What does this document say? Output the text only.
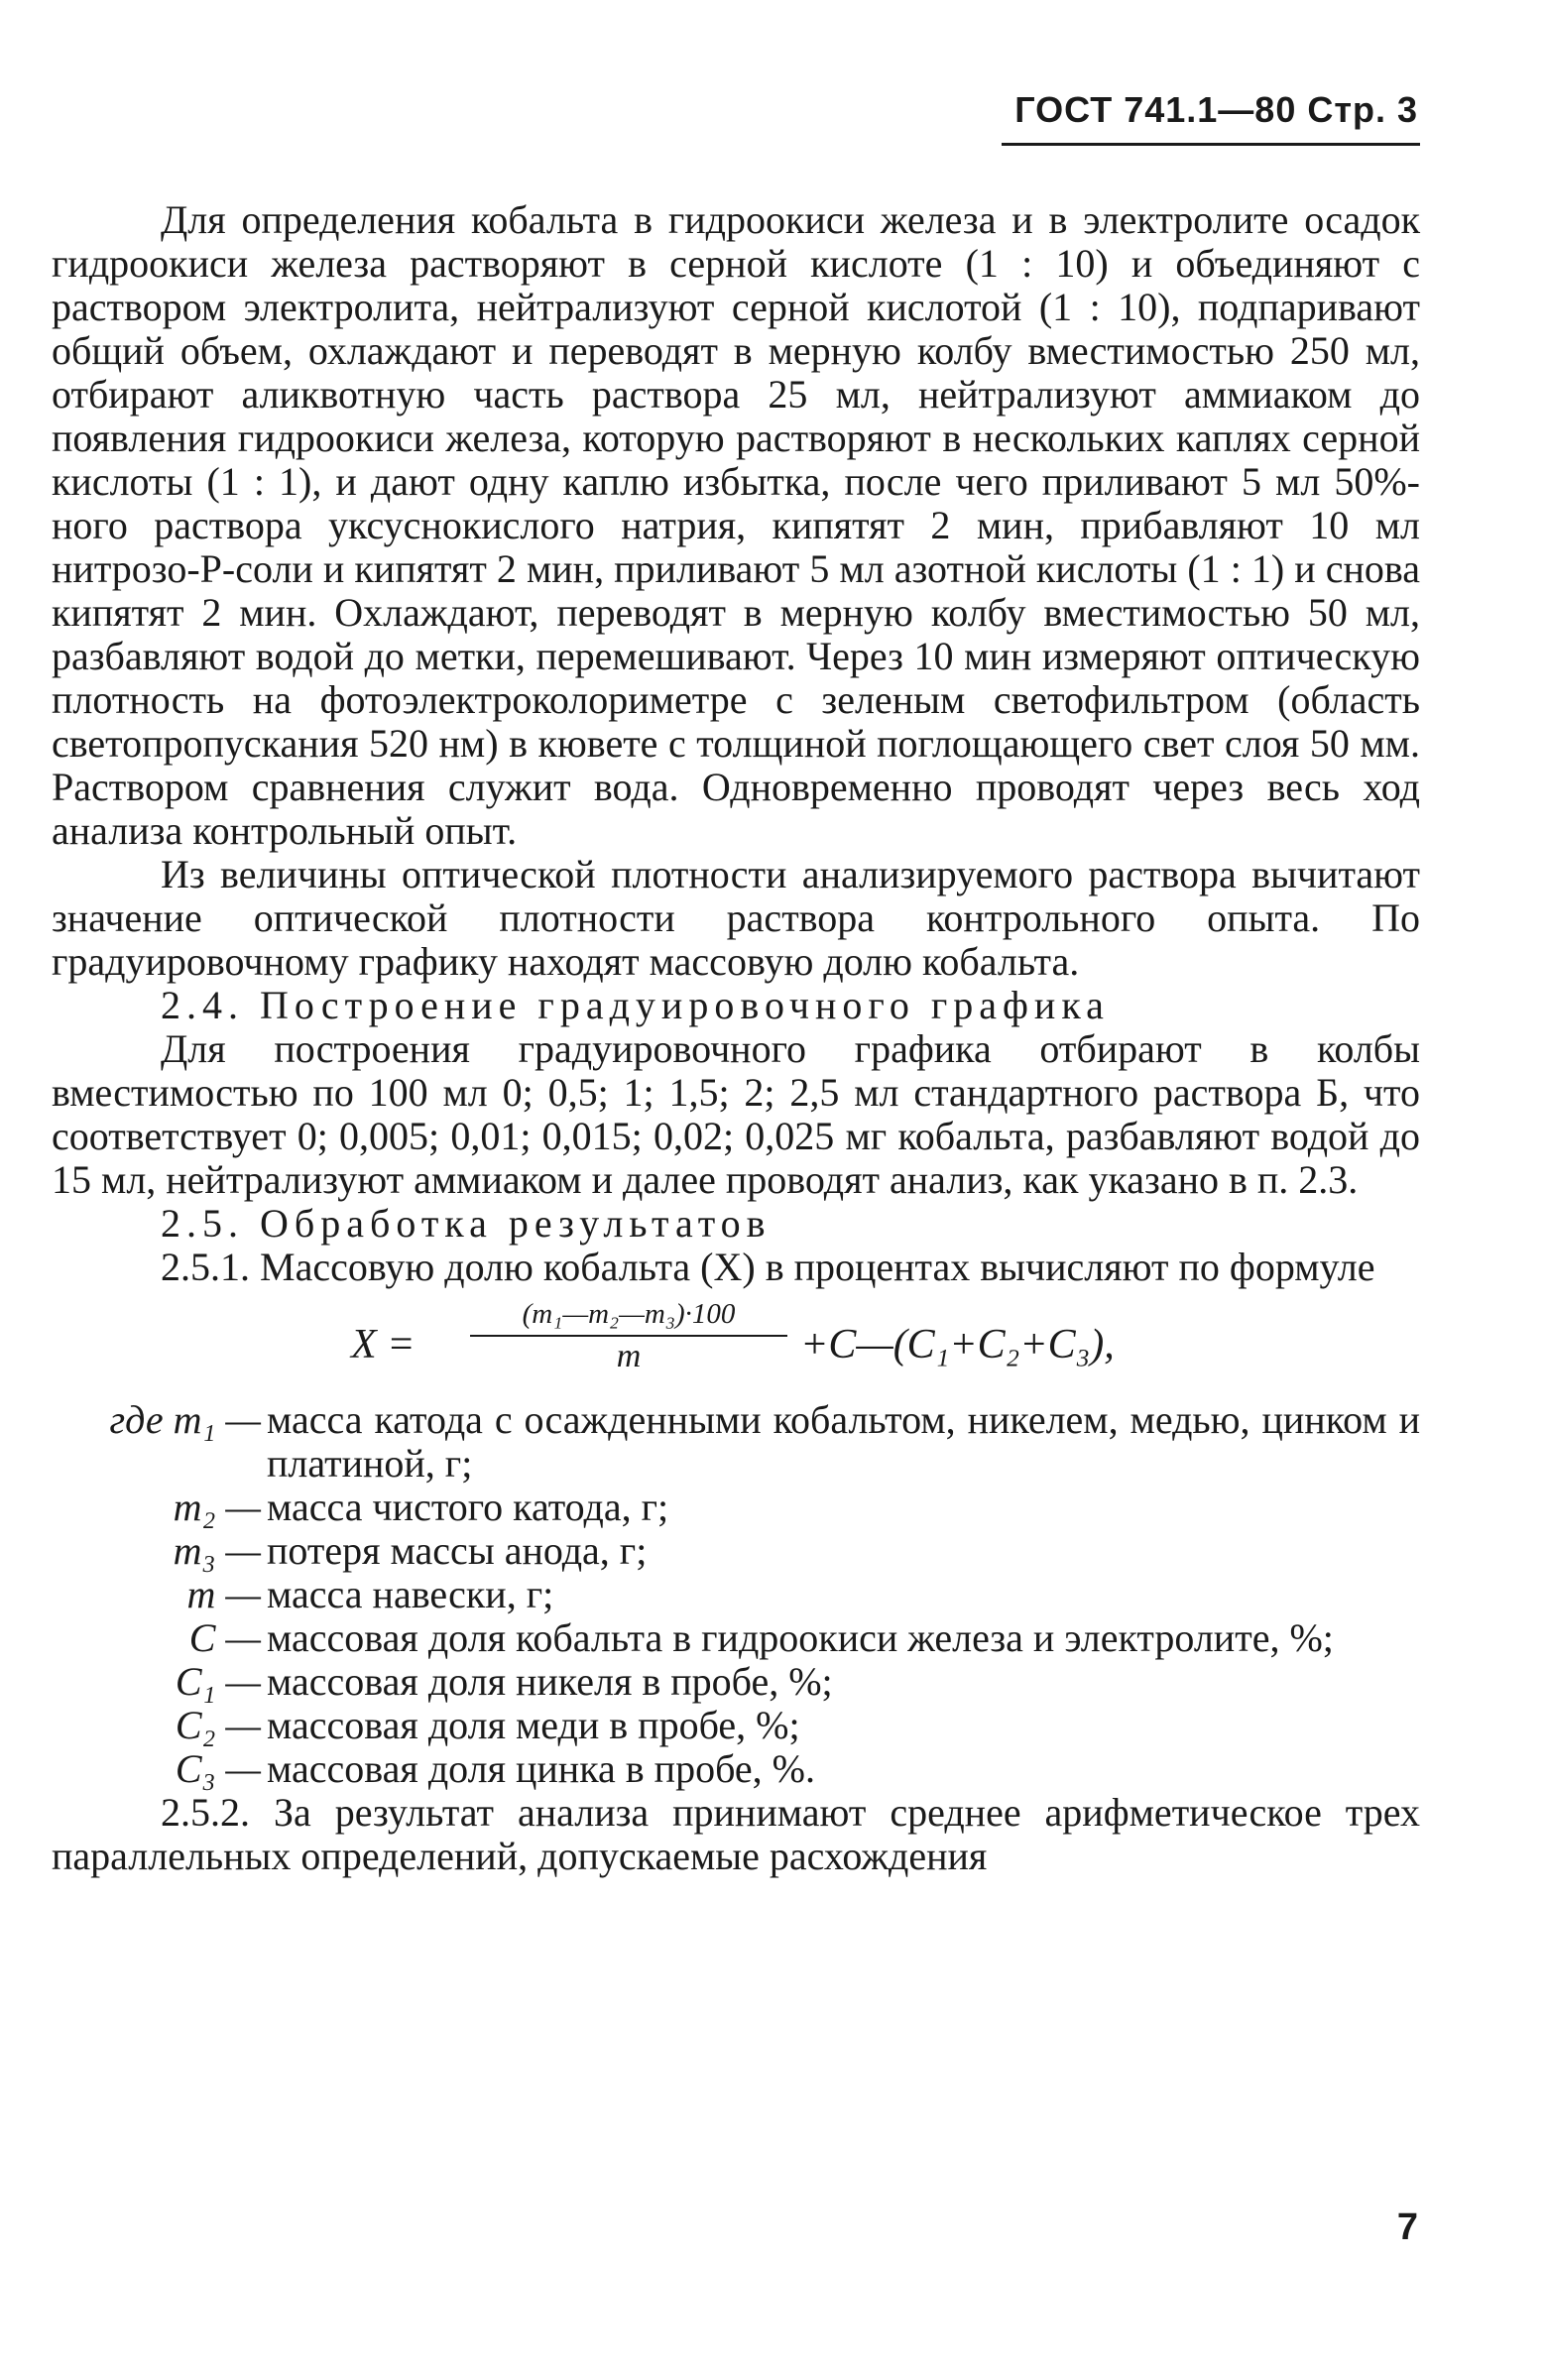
ГОСТ 741.1—80 Стр. 3

Для определения кобальта в гидроокиси железа и в электролите осадок гидроокиси железа растворяют в серной кислоте (1 : 10) и объединяют с раствором электролита, нейтрализуют серной кислотой (1 : 10), подпаривают общий объем, охлаждают и переводят в мерную колбу вместимостью 250 мл, отбирают аликвотную часть раствора 25 мл, нейтрализуют аммиаком до появления гидроокиси железа, которую растворяют в нескольких каплях серной кислоты (1 : 1), и дают одну каплю избытка, после чего приливают 5 мл 50%-ного раствора уксуснокислого натрия, кипятят 2 мин, прибавляют 10 мл нитрозо-Р-соли и кипятят 2 мин, приливают 5 мл азотной кислоты (1 : 1) и снова кипятят 2 мин. Охлаждают, переводят в мерную колбу вместимостью 50 мл, разбавляют водой до метки, перемешивают. Через 10 мин измеряют оптическую плотность на фотоэлектроколориметре с зеленым светофильтром (область светопропускания 520 нм) в кювете с толщиной поглощающего свет слоя 50 мм. Раствором сравнения служит вода. Одновременно проводят через весь ход анализа контрольный опыт.

Из величины оптической плотности анализируемого раствора вычитают значение оптической плотности раствора контрольного опыта. По градуировочному графику находят массовую долю кобальта.

2.4. Построение градуировочного графика

Для построения градуировочного графика отбирают в колбы вместимостью по 100 мл 0; 0,5; 1; 1,5; 2; 2,5 мл стандартного раствора Б, что соответствует 0; 0,005; 0,01; 0,015; 0,02; 0,025 мг кобальта, разбавляют водой до 15 мл, нейтрализуют аммиаком и далее проводят анализ, как указано в п. 2.3.

2.5. Обработка результатов

2.5.1. Массовую долю кобальта (X) в процентах вычисляют по формуле

$X = \frac{\text{(m₁—m₂—m₃)·100}}{m}$ +C—(C₁+C₂+C₃),
где m₁ — масса катода с осажденными кобальтом, никелем, медью, цинком и платиной, г;
m₂ — масса чистого катода, г;
m₃ — потеря массы анода, г;
m — масса навески, г;
C — массовая доля кобальта в гидроокиси железа и электролите, %;
C₁ — массовая доля никеля в пробе, %;
C₂ — массовая доля меди в пробе, %;
C₃ — массовая доля цинка в пробе, %.

2.5.2. За результат анализа принимают среднее арифметическое трех параллельных определений, допускаемые расхождения

7
